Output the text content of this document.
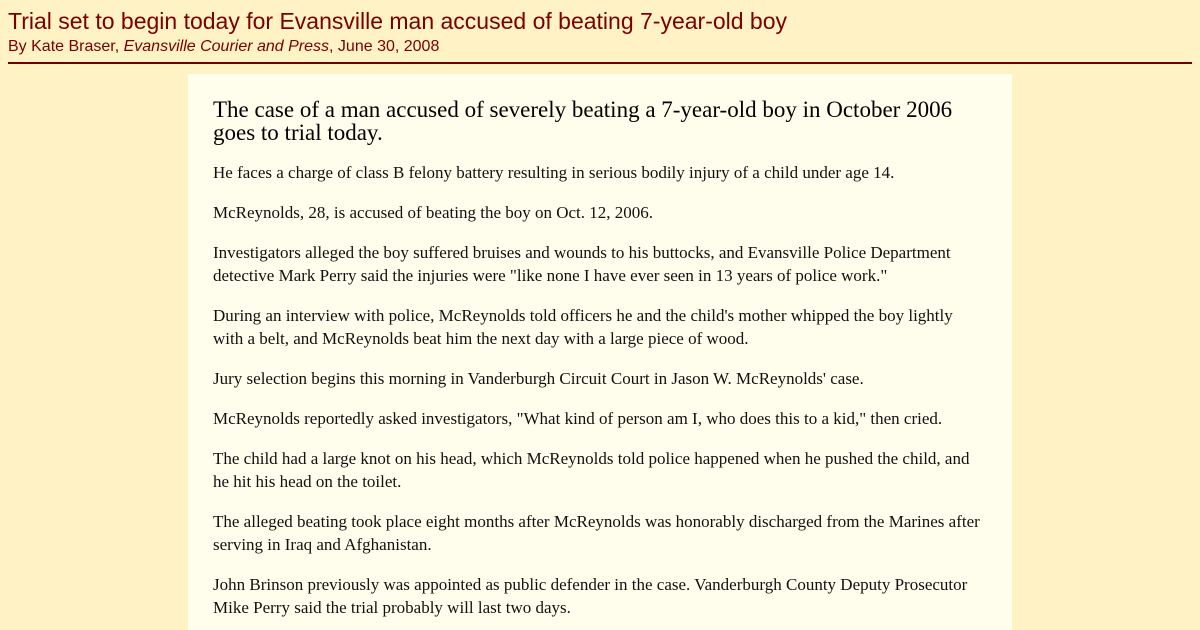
Trial set to begin today for Evansville man accused of beating 7-year-old boy

By Kate Braser, Evansville Courier and Press, June 30, 2008

The case of a man accused of severely beating a 7-year-old boy in October 2006 goes to trial today.

He faces a charge of class B felony battery resulting in serious bodily injury of a child under age 14.

McReynolds, 28, is accused of beating the boy on Oct. 12, 2006.

Investigators alleged the boy suffered bruises and wounds to his buttocks, and Evansville Police Department detective Mark Perry said the injuries were "like none I have ever seen in 13 years of police work."

During an interview with police, McReynolds told officers he and the child's mother whipped the boy lightly with a belt, and McReynolds beat him the next day with a large piece of wood.

Jury selection begins this morning in Vanderburgh Circuit Court in Jason W. McReynolds' case.

McReynolds reportedly asked investigators, "What kind of person am I, who does this to a kid," then cried.

The child had a large knot on his head, which McReynolds told police happened when he pushed the child, and he hit his head on the toilet.

The alleged beating took place eight months after McReynolds was honorably discharged from the Marines after serving in Iraq and Afghanistan.

John Brinson previously was appointed as public defender in the case. Vanderburgh County Deputy Prosecutor Mike Perry said the trial probably will last two days.
